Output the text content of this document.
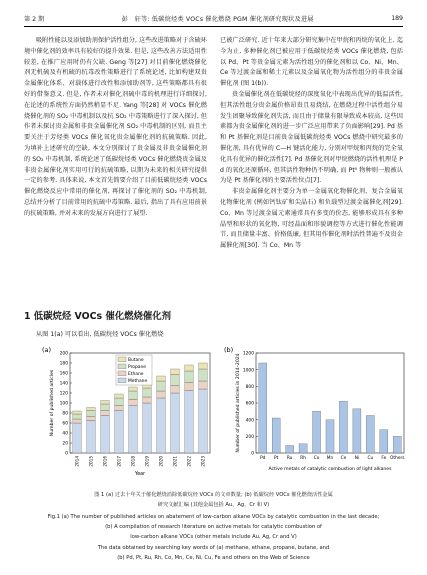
第 2 期	彭　轩等: 低碳烷烃类 VOCs 催化燃烧 PGM 催化剂研究现状及进展	189

吸附性能以及添加助剂保护活性组分, 这些改进策略对于含硫环境中催化剂的效率具有较好的提升效果. 但是, 这些改善方法适用性较差, 在推广应用时仍有欠缺. Geng 等[27] 对目前催化燃烧催化剂无机硫及有机硫的抗毒改性策略进行了系统论述, 比如构建双贵金属催化体系、对载体进行改性和添加助剂等, 这些策略都具有很好的借鉴意义. 但是, 作者未对催化剂硫中毒的机理进行详细探讨, 在论述的系统性方面仍然稍显不足. Yang 等[28] 对 VOCs 催化燃烧催化剂的 SO₂ 中毒机制以及抗 SO₂ 中毒策略进行了深入探讨, 但作者未探讨贵金属和非贵金属催化剂 SO₂ 中毒机制的区别, 而且主要关注于芳烃类 VOCs 催化氧化贵金属催化剂的抗硫策略. 因此, 为填补上述研究的空缺, 本文分别探讨了贵金属及非贵金属催化剂的 SO₂ 中毒机制, 系统论述了低碳烷烃类 VOCs 催化燃烧贵金属及非贵金属催化剂实用可行的抗硫策略, 以期为未来的相关研究提供一定的参考. 具体来说, 本文首先简要介绍了目前低碳烷烃类 VOCs 催化燃烧反应中常用的催化剂, 再探讨了催化剂的 SO₂ 中毒机制, 总结并分析了目前常用的抗硫中毒策略. 最后, 指出了具有应用前景的抗硫策略, 并对未来的发展方向进行了展望.

已被广泛研究. 近十年来大部分研究集中在甲烷和丙烷的氧化上. 迄今为止, 多种催化剂已被应用于低碳烷烃类 VOCs 催化燃烧, 包括以 Pd、Pt 等贵金属元素为活性组分的催化剂和以 Co、Ni、Mn、Ce 等过渡金属和稀土元素以及金属氧化物为活性组分的非贵金属催化剂 (图 1(b)).

贵金属催化剂在低碳烷烃的深度氧化中表现出优异的低温活性, 但其活性组分贵金属价格昂贵且易烧结, 在燃烧过程中活性组分易发生团聚导致催化剂失活, 而且由于储量有限导致成本较高, 这些因素都为贵金属催化剂的进一步广泛应用带来了负面影响[29]. Pd 基和 Pt 基催化剂是目前贵金属低碳烷烃类 VOCs 燃烧中研究最多的催化剂, 具有优异的 C—H 键活化能力, 分别对甲烷和丙烷的完全氧化具有优异的催化活性[7]. Pd 基催化剂对甲烷燃烧的活性机理是 Pd 的氧化还原循环, 但其活性物种仍不明确, 而 Pt⁰ 物种则一般被认为是 Pt 基催化剂的主要活性位点[7].

非贵金属催化剂主要分为单一金属氧化物催化剂、复合金属氧化物催化剂 (例如钙钛矿和尖晶石) 和负载型过渡金属催化剂[29]. Co、Mn 等过渡金属元素通常具有多变的价态, 能够形成具有多种晶型和形状的氧化物, 可经晶面和形貌调控等方式进行催化性能调节, 而且储量丰富、价格低廉, 但其用作催化剂时活性普遍不及贵金属催化剂[30]. 当 Co、Mn 等

1 低碳烷烃 VOCs 催化燃烧催化剂
从图 1(a) 可以看出, 低碳烷烃 VOCs 催化燃烧
(a)
0
20
40
60
80
100
120
140
160
180
200
Number of published articles
2014 2015 2016 2017 2018 2019 2020 2021 2022 2023
Year
Butane
Propane
Ethane
Methane
(b)
0
200
400
600
800
1000
1200
Number of published articles in 2014–2024
Pd Pt Ru Rh Co Mn Ce Ni Cu Fe Others
Active metals of catalytic combustion of light alkanes
图 1 (a) 过去十年关于催化燃烧消除低碳烷烃 VOCs 的文章数量; (b) 低碳烷烃 VOCs 催化燃烧活性金属
研究文献汇编 (其他金属包括 Au、Ag、Cr 和 V)
Fig.1 (a) The number of published articles on abatement of low-carbon alkane VOCs by catalytic combustion in the last decade;
(b) A compilation of research literature on active metals for catalytic combustion of
low-carbon alkane VOCs (other metals include Au, Ag, Cr and V)
The data obtained by searching key words of (a) methane, ethane, propane, butane, and
(b) Pd, Pt, Ru, Rh, Co, Mn, Ce, Ni, Cu, Fe and others on the Web of Science
